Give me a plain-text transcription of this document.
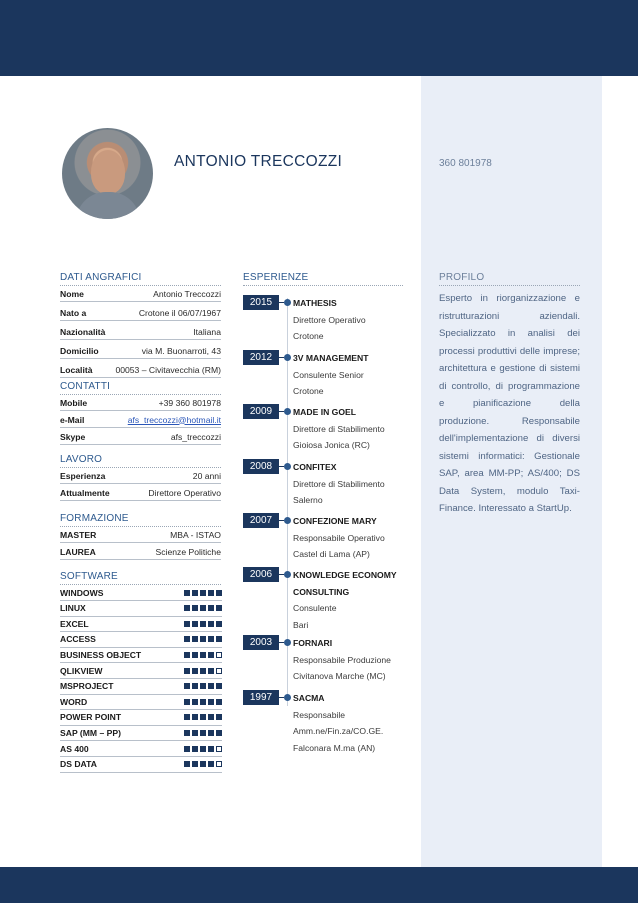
ANTONIO TRECCOZZI	360 801978
DATI ANGRAFICI
Nome	Antonio Treccozzi
Nato a	Crotone il 06/07/1967
Nazionalità	Italiana
Domicilio	via M. Buonarroti, 43
Località	00053 – Civitavecchia (RM)
CONTATTI
Mobile	+39 360 801978
e-Mail	afs_treccozzi@hotmail.it
Skype	afs_treccozzi
LAVORO
Esperienza	20 anni
Attualmente	Direttore Operativo
FORMAZIONE
MASTER	MBA - ISTAO
LAUREA	Scienze Politiche
SOFTWARE
WINDOWS
LINUX
EXCEL
ACCESS
BUSINESS OBJECT
QLIKVIEW
MSPROJECT
WORD
POWER POINT
SAP (MM – PP)
AS 400
DS DATA
ESPERIENZE
2015	MATHESIS
Direttore Operativo
Crotone
2012	3V MANAGEMENT
Consulente Senior
Crotone
2009	MADE IN GOEL
Direttore di Stabilimento
Gioiosa Jonica (RC)
2008	CONFITEX
Direttore di Stabilimento
Salerno
2007	CONFEZIONE MARY
Responsabile Operativo
Castel di Lama (AP)
2006	KNOWLEDGE ECONOMY
CONSULTING
Consulente
Bari
2003	FORNARI
Responsabile Produzione
Civitanova Marche (MC)
1997	SACMA
Responsabile
Amm.ne/Fin.za/CO.GE.
Falconara M.ma (AN)
PROFILO
Esperto in riorganizzazione e ristrutturazioni aziendali. Specializzato in analisi dei processi produttivi delle imprese; architettura e gestione di sistemi di controllo, di programmazione e pianificazione della produzione. Responsabile dell'implementazione di diversi sistemi informatici: Gestionale SAP, area MM-PP; AS/400; DS Data System, modulo Taxi-Finance. Interessato a StartUp.
